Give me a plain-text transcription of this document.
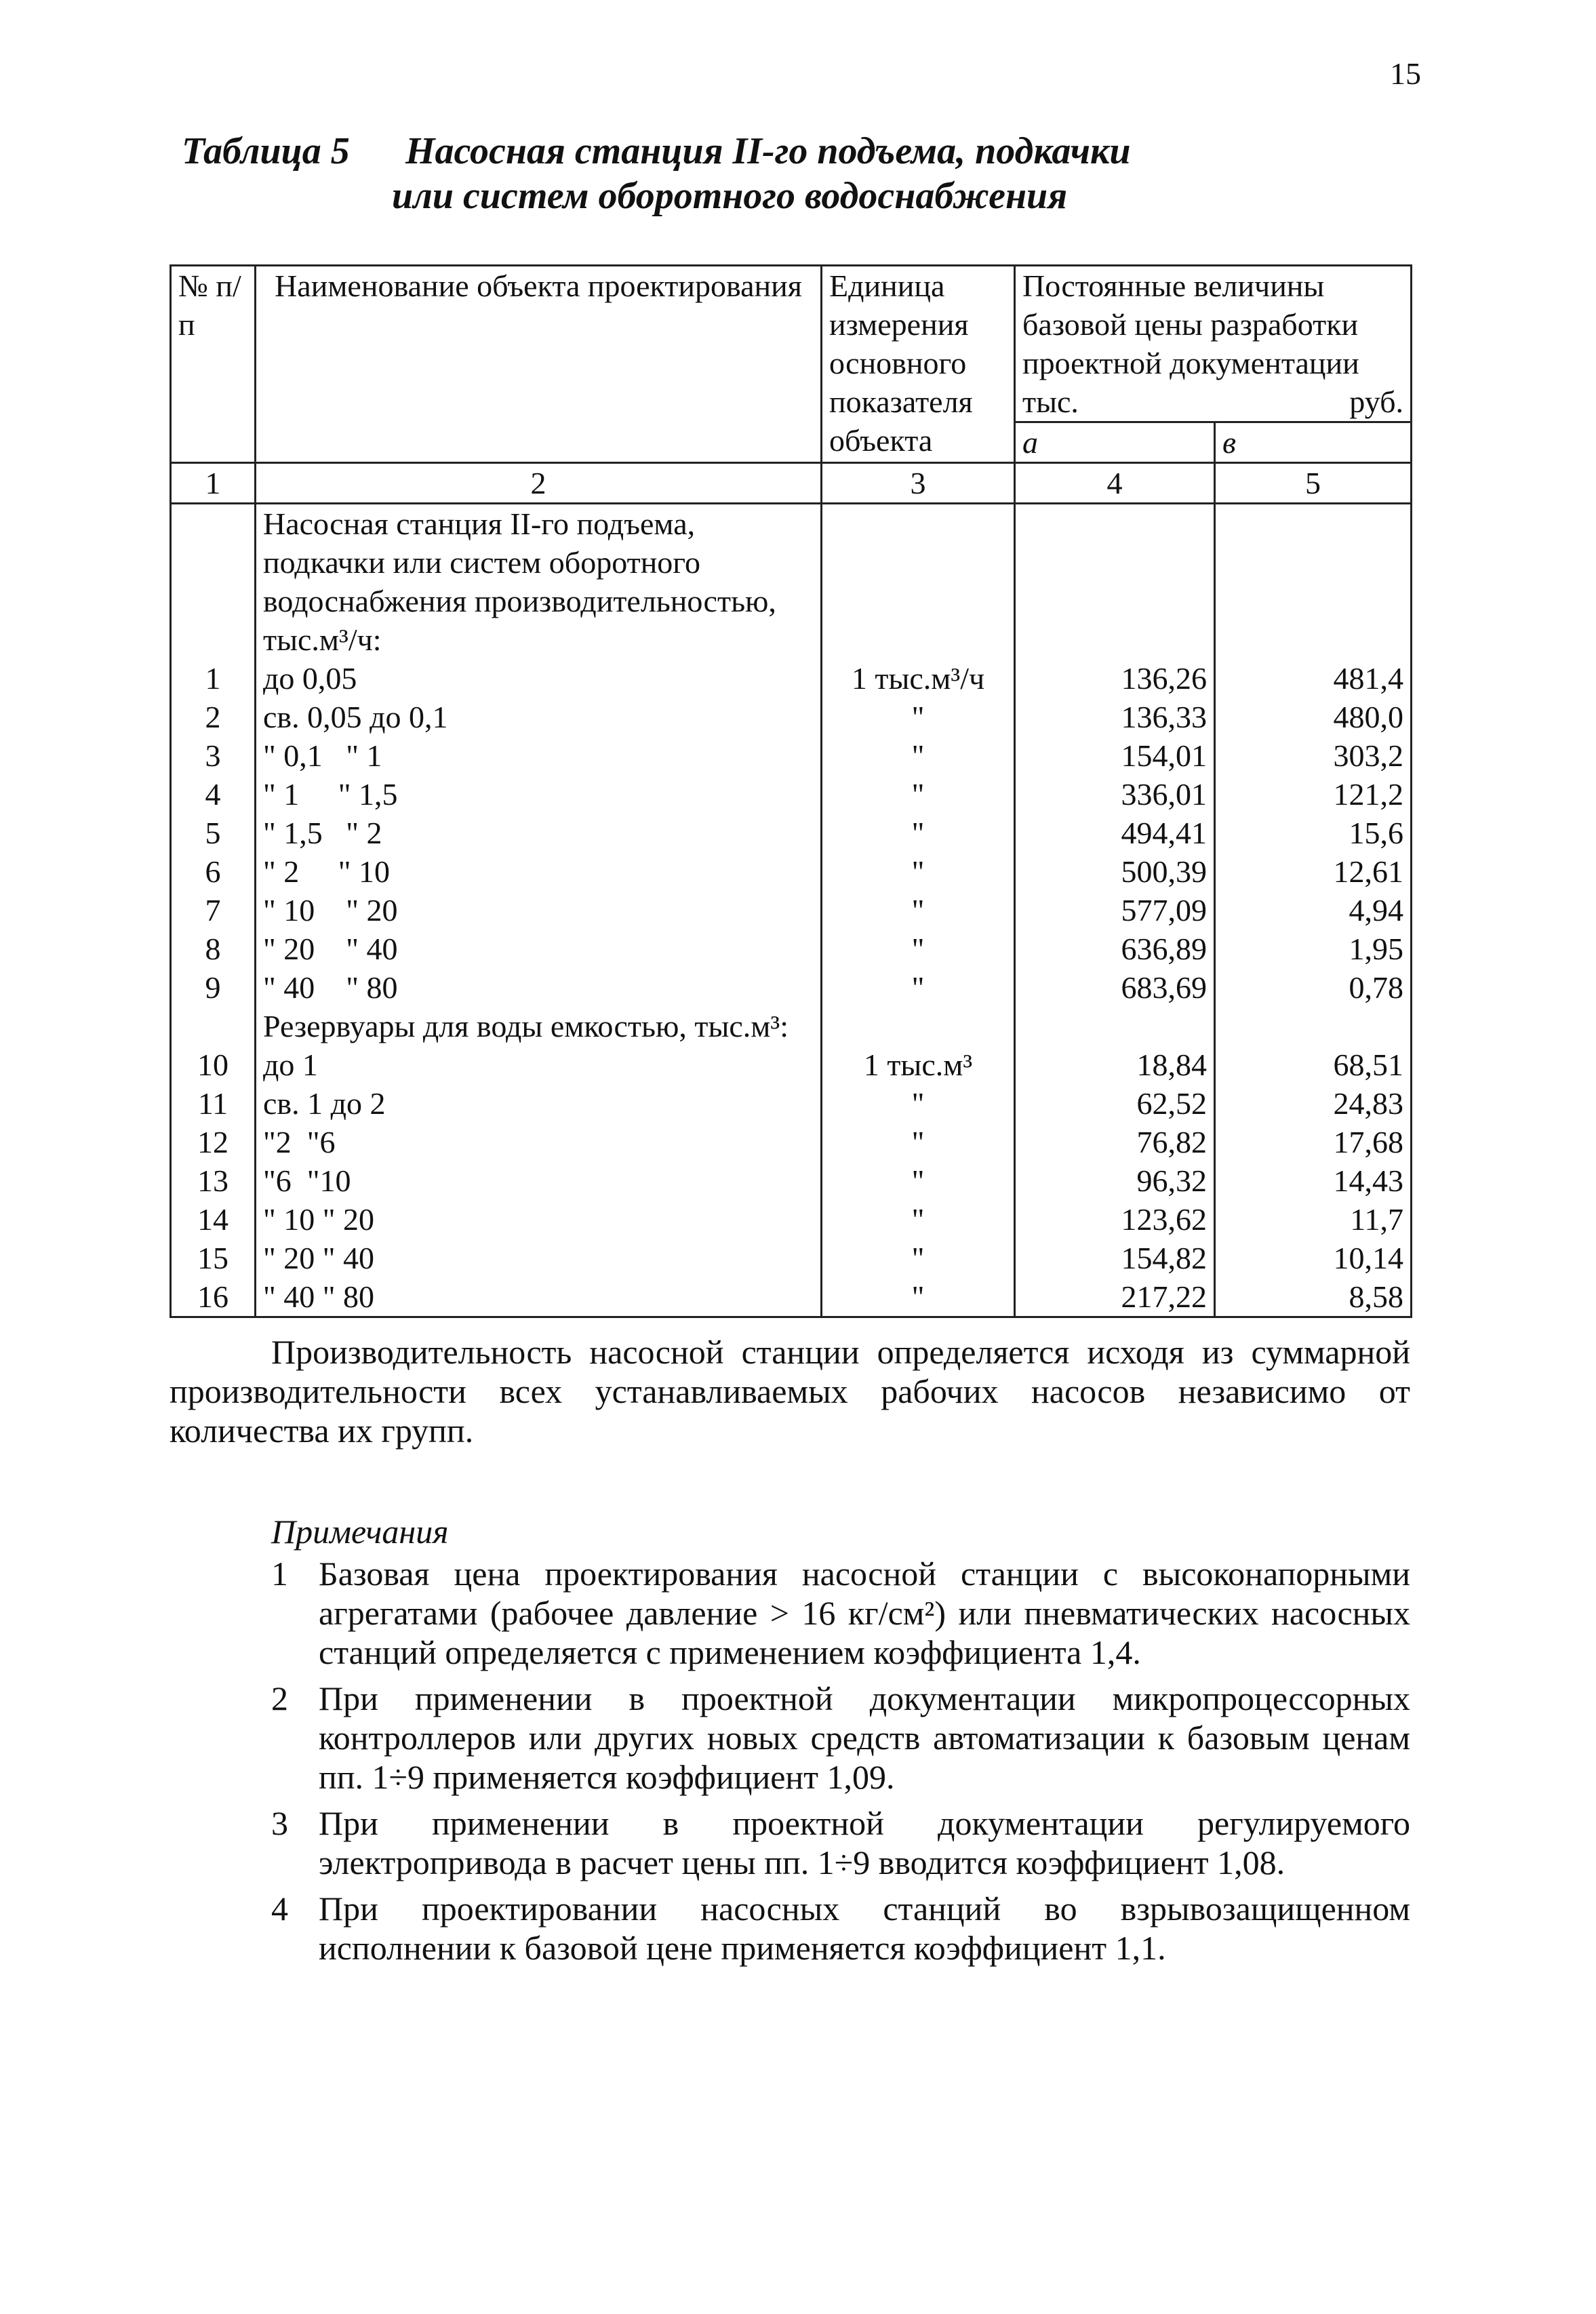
15
Таблица 5 Насосная станция II-го подъема, подкачки
или систем оборотного водоснабжения
№ п/п	Наименование объекта проектирования	Единица измерения основного показателя объекта	Постоянные величины базовой цены разработки проектной документации тыс. руб.	
			а	в
1	2	3	4	5
	Насосная станция II-го подъема, подкачки или систем оборотного водоснабжения производительностью, тыс.м³/ч:			
1	до 0,05	1 тыс.м³/ч	136,26	481,4
2	св. 0,05 до 0,1	"	136,33	480,0
3	" 0,1   " 1	"	154,01	303,2
4	" 1     " 1,5	"	336,01	121,2
5	" 1,5   " 2	"	494,41	15,6
6	" 2     " 10	"	500,39	12,61
7	" 10    " 20	"	577,09	4,94
8	" 20    " 40	"	636,89	1,95
9	" 40    " 80	"	683,69	0,78
	Резервуары для воды емкостью, тыс.м³:			
10	до 1	1 тыс.м³	18,84	68,51
11	св. 1 до 2	"	62,52	24,83
12	"2  "6	"	76,82	17,68
13	"6  "10	"	96,32	14,43
14	" 10 " 20	"	123,62	11,7
15	" 20 " 40	"	154,82	10,14
16	" 40 " 80	"	217,22	8,58
Производительность насосной станции определяется исходя из суммарной производительности всех устанавливаемых рабочих насосов независимо от количества их групп.
Примечания
1 Базовая цена проектирования насосной станции с высоконапорными агрегатами (рабочее давление > 16 кг/см²) или пневматических насосных станций определяется с применением коэффициента 1,4.
2 При применении в проектной документации микропроцессорных контроллеров или других новых средств автоматизации к базовым ценам пп. 1÷9 применяется коэффициент 1,09.
3 При применении в проектной документации регулируемого электропривода в расчет цены пп. 1÷9 вводится коэффициент 1,08.
4 При проектировании насосных станций во взрывозащищенном исполнении к базовой цене применяется коэффициент 1,1.
